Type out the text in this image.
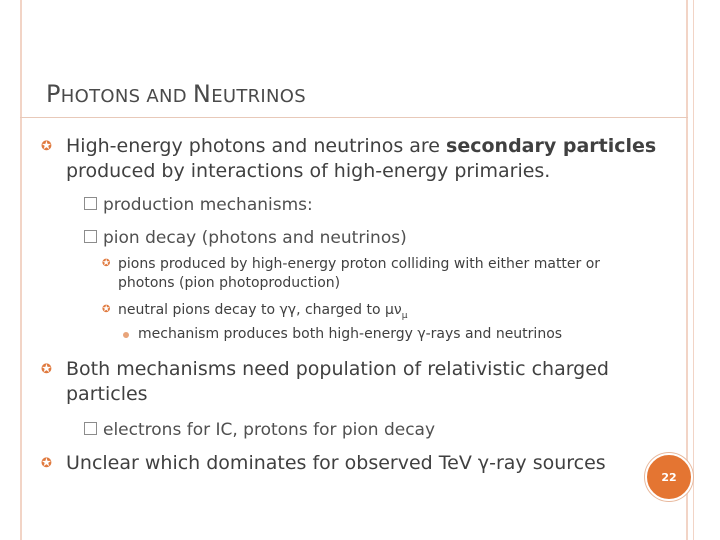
PHOTONS AND NEUTRINOS
✪ High-energy photons and neutrinos are secondary particles produced by interactions of high-energy primaries.
production mechanisms:
pion decay (photons and neutrinos)
✪ pions produced by high-energy proton colliding with either matter or photons (pion photoproduction)
✪ neutral pions decay to γγ, charged to $\mu\nu_\mu$
mechanism produces both high-energy γ-rays and neutrinos
✪ Both mechanisms need population of relativistic charged particles
electrons for IC, protons for pion decay
✪ Unclear which dominates for observed TeV γ-ray sources
22
